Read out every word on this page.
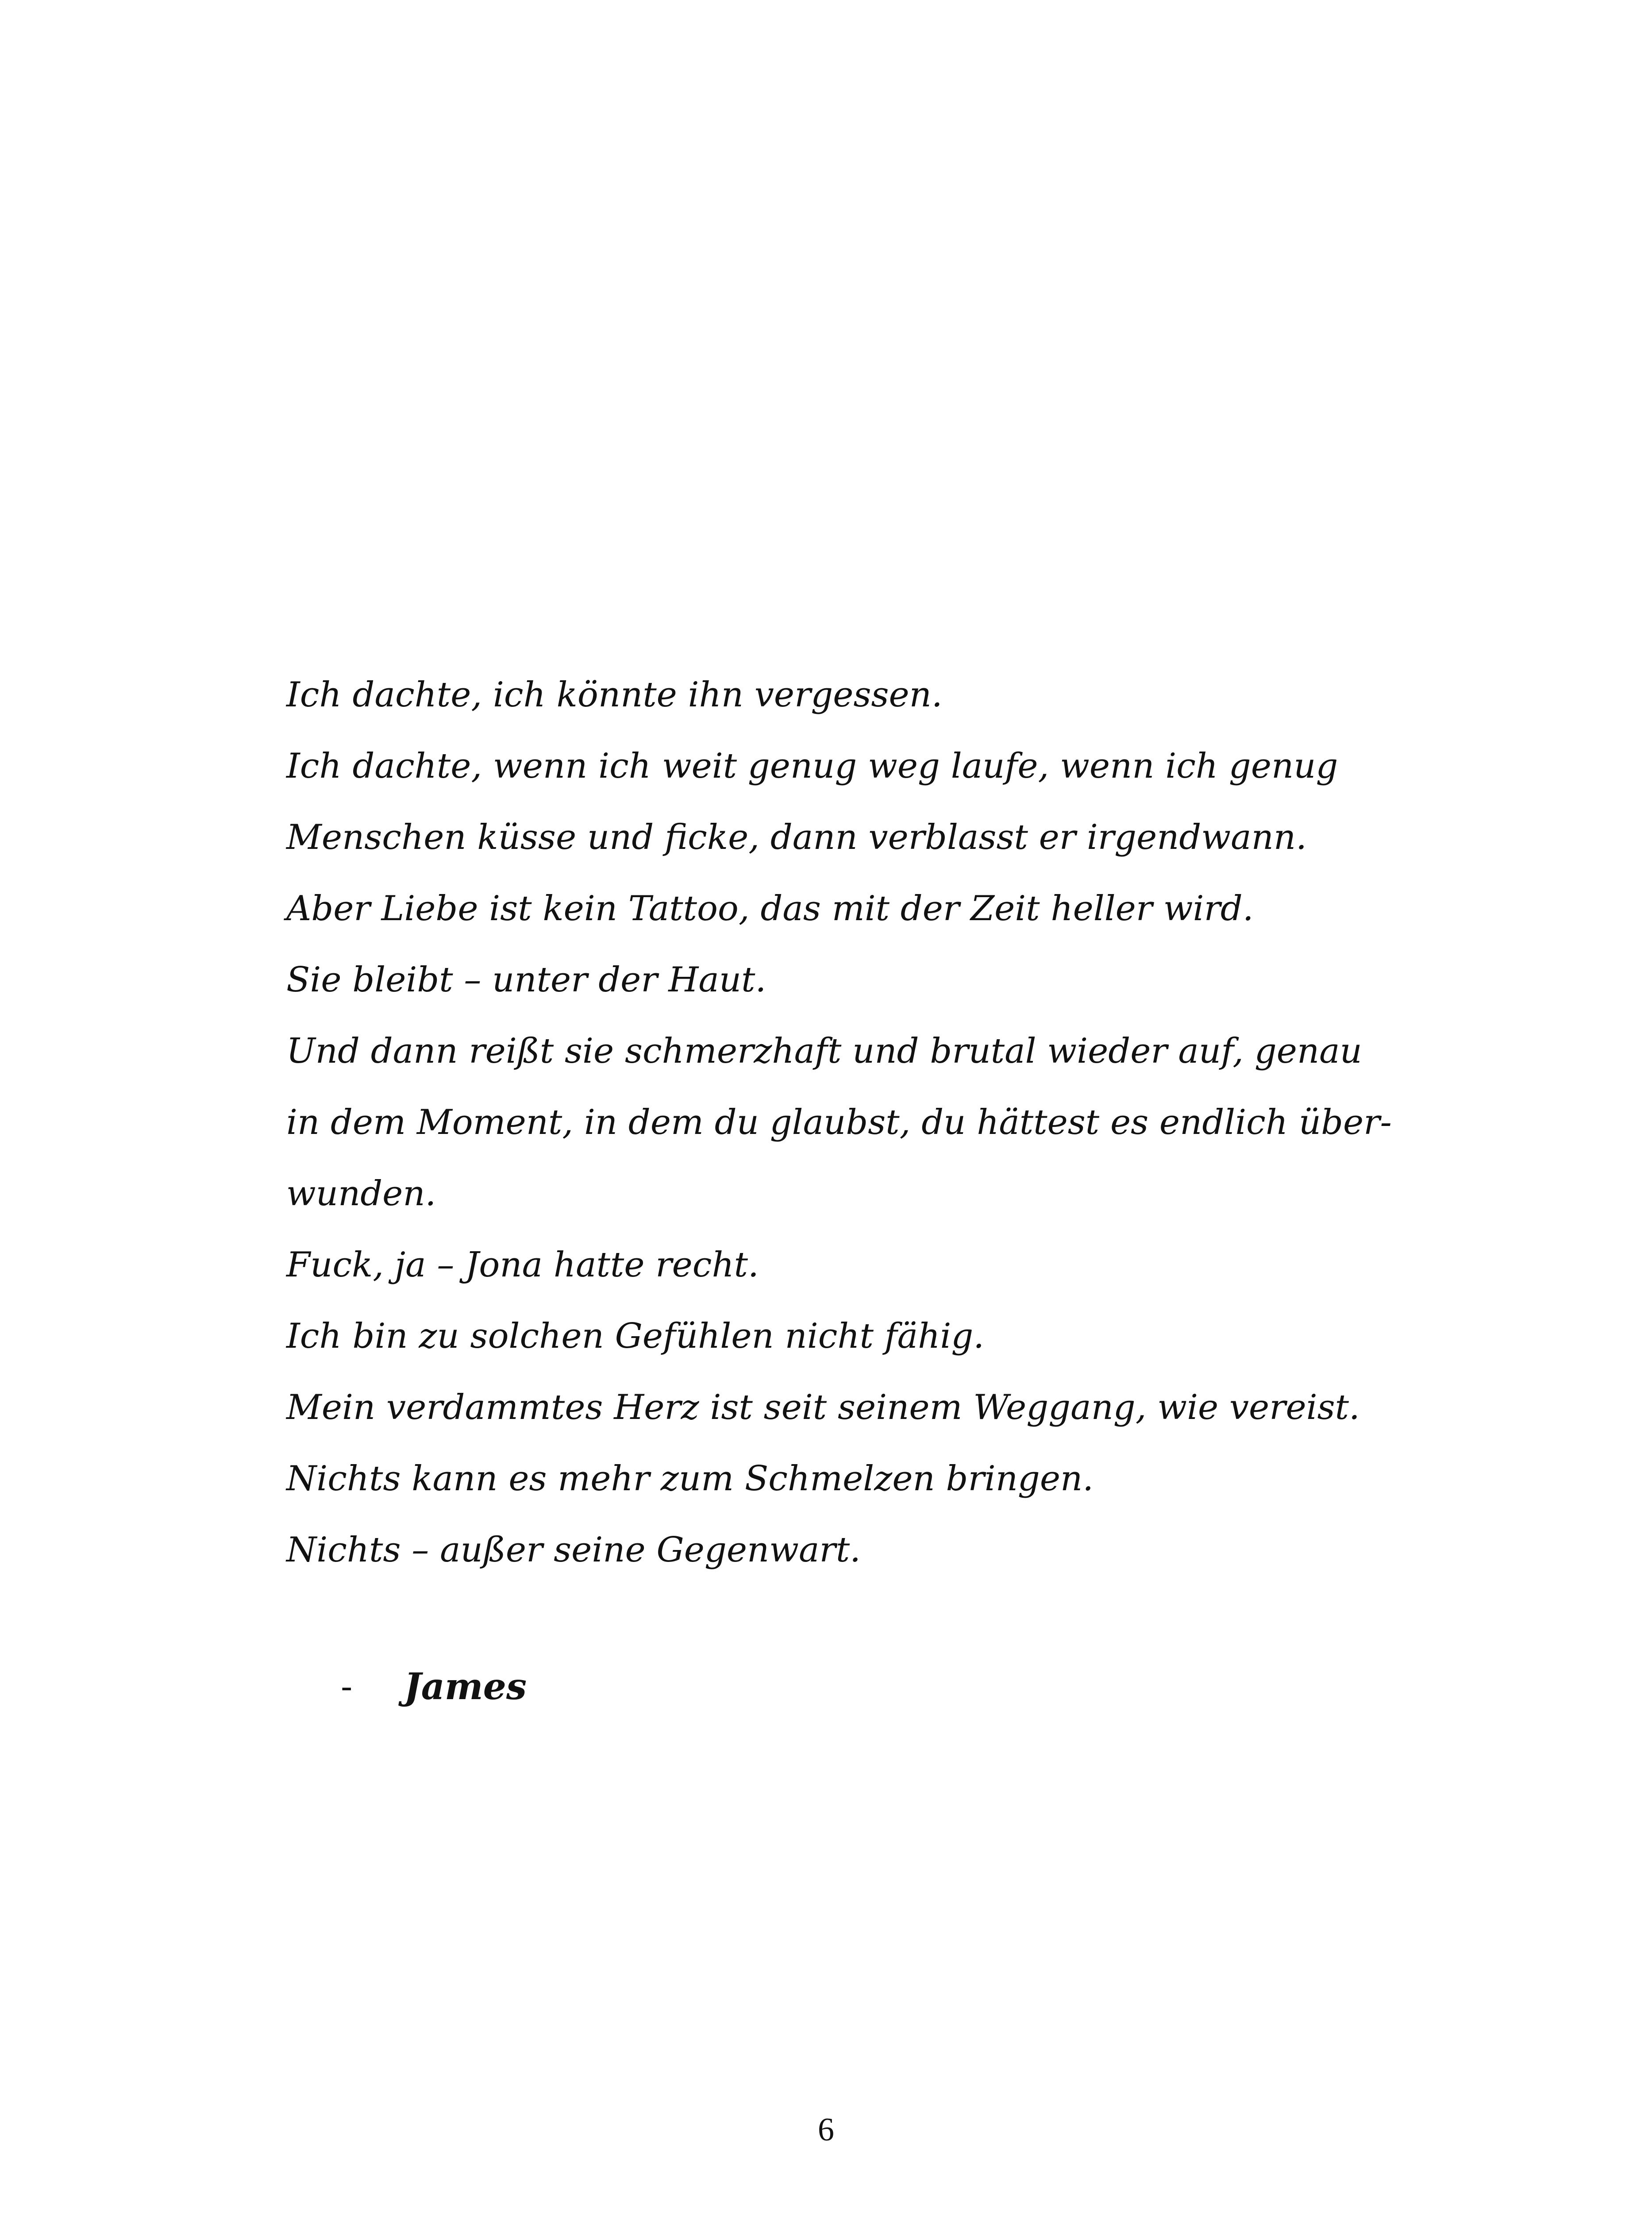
Ich dachte, ich könnte ihn vergessen.

Ich dachte, wenn ich weit genug weg laufe, wenn ich genug

Menschen küsse und ficke, dann verblasst er irgendwann.

Aber Liebe ist kein Tattoo, das mit der Zeit heller wird.

Sie bleibt – unter der Haut.

Und dann reißt sie schmerzhaft und brutal wieder auf, genau

in dem Moment, in dem du glaubst, du hättest es endlich über-

wunden.

Fuck, ja – Jona hatte recht.

Ich bin zu solchen Gefühlen nicht fähig.

Mein verdammtes Herz ist seit seinem Weggang, wie vereist.

Nichts kann es mehr zum Schmelzen bringen.

Nichts – außer seine Gegenwart.

-	James
6
